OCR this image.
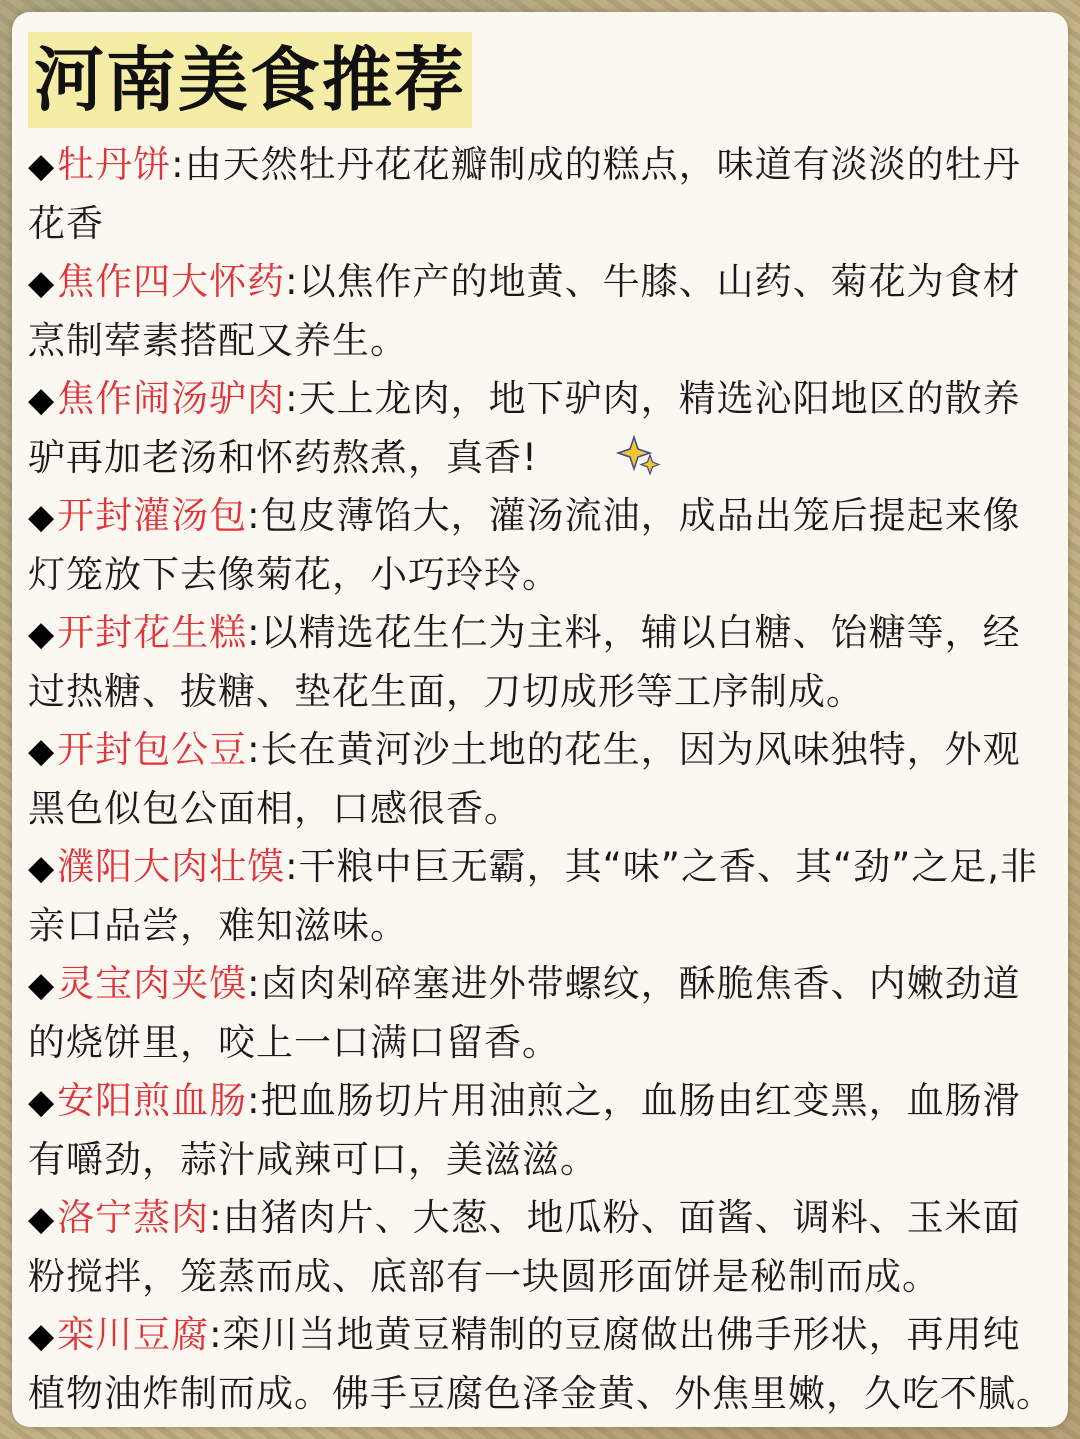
河南美食推荐

◆牡丹饼:由天然牡丹花花瓣制成的糕点，味道有淡淡的牡丹花香

◆焦作四大怀药:以焦作产的地黄、牛膝、山药、菊花为食材烹制荤素搭配又养生。

◆焦作闹汤驴肉:天上龙肉，地下驴肉，精选沁阳地区的散养驴再加老汤和怀药熬煮，真香!

◆开封灌汤包:包皮薄馅大，灌汤流油，成品出笼后提起来像灯笼放下去像菊花，小巧玲玲。

◆开封花生糕:以精选花生仁为主料，辅以白糖、饴糖等，经过热糖、拔糖、垫花生面，刀切成形等工序制成。

◆开封包公豆:长在黄河沙土地的花生，因为风味独特，外观黑色似包公面相，口感很香。

◆濮阳大肉壮馍:干粮中巨无霸，其“味”之香、其“劲”之足,非亲口品尝，难知滋味。

◆灵宝肉夹馍:卤肉剁碎塞进外带螺纹，酥脆焦香、内嫩劲道的烧饼里，咬上一口满口留香。

◆安阳煎血肠:把血肠切片用油煎之，血肠由红变黑，血肠滑有嚼劲，蒜汁咸辣可口，美滋滋。

◆洛宁蒸肉:由猪肉片、大葱、地瓜粉、面酱、调料、玉米面粉搅拌，笼蒸而成、底部有一块圆形面饼是秘制而成。

◆栾川豆腐:栾川当地黄豆精制的豆腐做出佛手形状，再用纯植物油炸制而成。佛手豆腐色泽金黄、外焦里嫩，久吃不腻。
